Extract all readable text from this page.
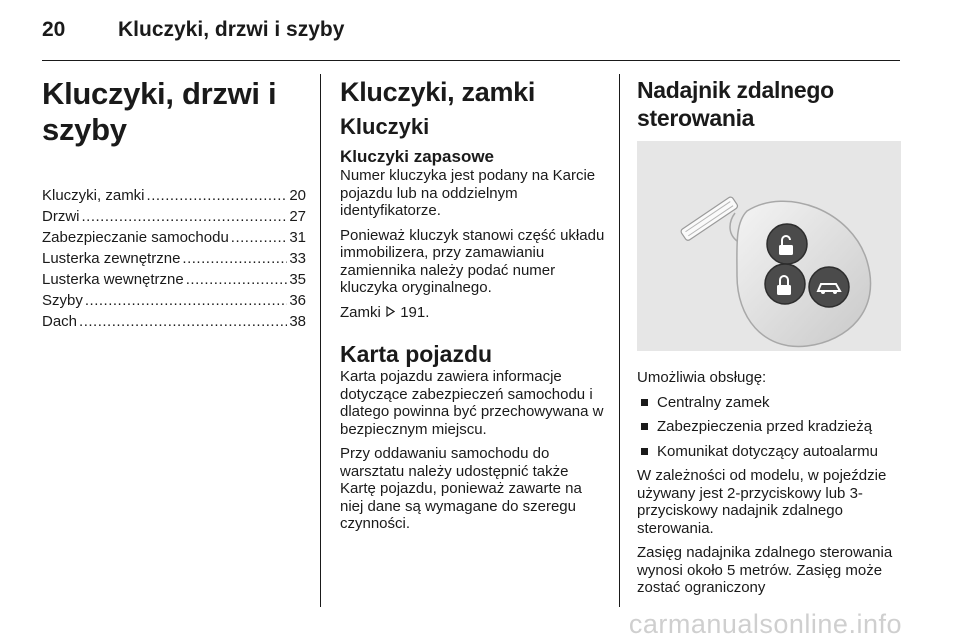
20	Kluczyki, drzwi i szyby
Kluczyki, drzwi i szyby
Kluczyki, zamki .....	20
Drzwi .....	27
Zabezpieczanie samochodu .....	31
Lusterka zewnętrzne .....	33
Lusterka wewnętrzne .....	35
Szyby .....	36
Dach .....	38
Kluczyki, zamki
Kluczyki
Kluczyki zapasowe

Numer kluczyka jest podany na Karcie pojazdu lub na oddzielnym identyfikatorze.

Ponieważ kluczyk stanowi część układu immobilizera, przy zamawianiu zamiennika należy podać numer kluczyka oryginalnego.

Zamki 191.

Karta pojazdu

Karta pojazdu zawiera informacje dotyczące zabezpieczeń samochodu i dlatego powinna być przechowywana w bezpiecznym miejscu.

Przy oddawaniu samochodu do warsztatu należy udostępnić także Kartę pojazdu, ponieważ zawarte na niej dane są wymagane do szeregu czynności.

Nadajnik zdalnego sterowania

Umożliwia obsługę:

Centralny zamek
Zabezpieczenia przed kradzieżą
Komunikat dotyczący autoalarmu

W zależności od modelu, w pojeździe używany jest 2-przyciskowy lub 3-przyciskowy nadajnik zdalnego sterowania.

Zasięg nadajnika zdalnego sterowania wynosi około 5 metrów. Zasięg może zostać ograniczony

carmanualsonline.info
